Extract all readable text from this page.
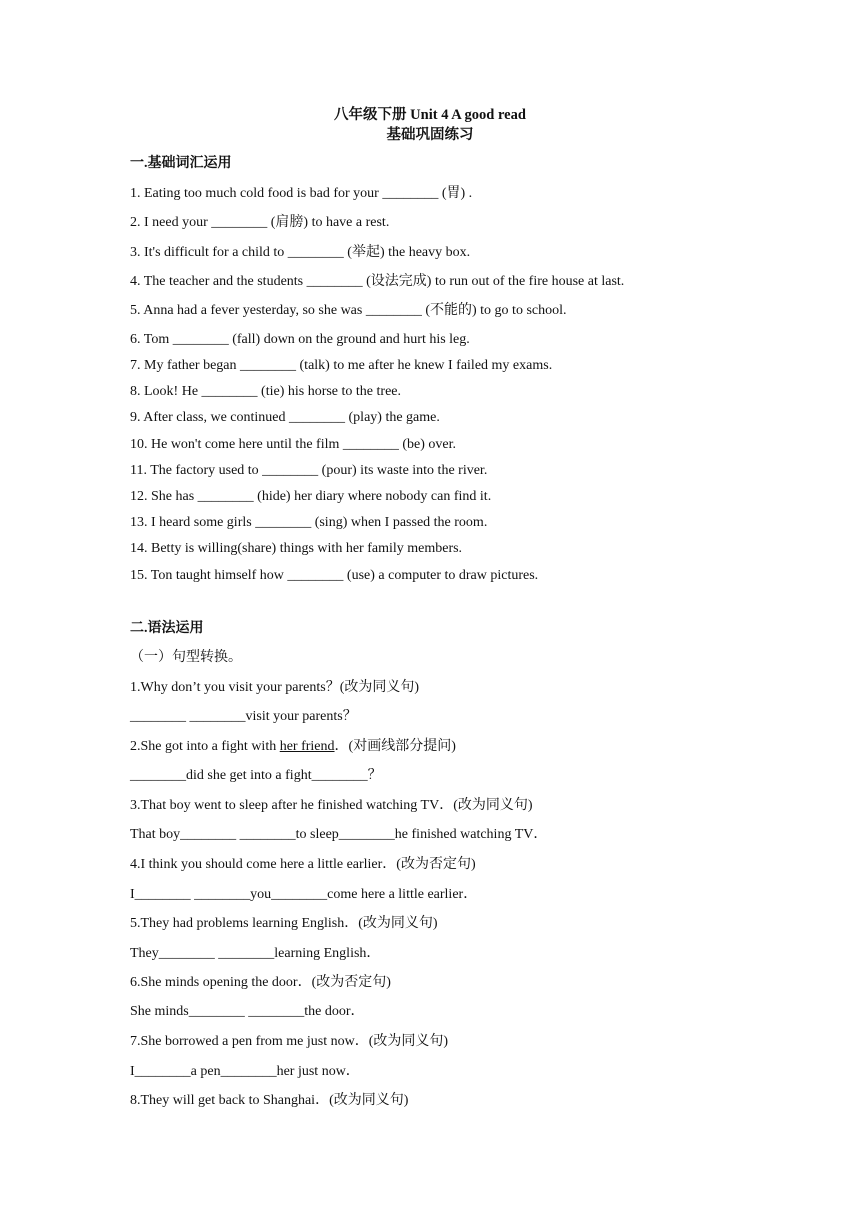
八年级下册 Unit 4 A good read
基础巩固练习
一.基础词汇运用
1. Eating too much cold food is bad for your ________ (胃) .
2. I need your ________ (肩膀) to have a rest.
3. It's difficult for a child to ________ (举起) the heavy box.
4. The teacher and the students ________ (设法完成) to run out of the fire house at last.
5. Anna had a fever yesterday, so she was ________ (不能的) to go to school.
6. Tom ________ (fall) down on the ground and hurt his leg.
7. My father began ________ (talk) to me after he knew I failed my exams.
8. Look! He ________ (tie) his horse to the tree.
9. After class, we continued ________ (play) the game.
10. He won't come here until the film ________ (be) over.
11. The factory used to ________ (pour) its waste into the river.
12. She has ________ (hide) her diary where nobody can find it.
13. I heard some girls ________ (sing) when I passed the room.
14. Betty is willing(share) things with her family members.
15. Ton taught himself how ________ (use) a computer to draw pictures.
二.语法运用
（一）句型转换。
1.Why don’t you visit your parents？(改为同义句)
________ ________visit your parents？
2.She got into a fight with her friend．(对画线部分提问)
________did she get into a fight________？
3.That boy went to sleep after he finished watching TV．(改为同义句)
That boy________ ________to sleep________he finished watching TV．
4.I think you should come here a little earlier．(改为否定句)
I________ ________you________come here a little earlier．
5.They had problems learning English．(改为同义句)
They________ ________learning English．
6.She minds opening the door．(改为否定句)
She minds________ ________the door．
7.She borrowed a pen from me just now．(改为同义句)
I________a pen________her just now．
8.They will get back to Shanghai．(改为同义句)
